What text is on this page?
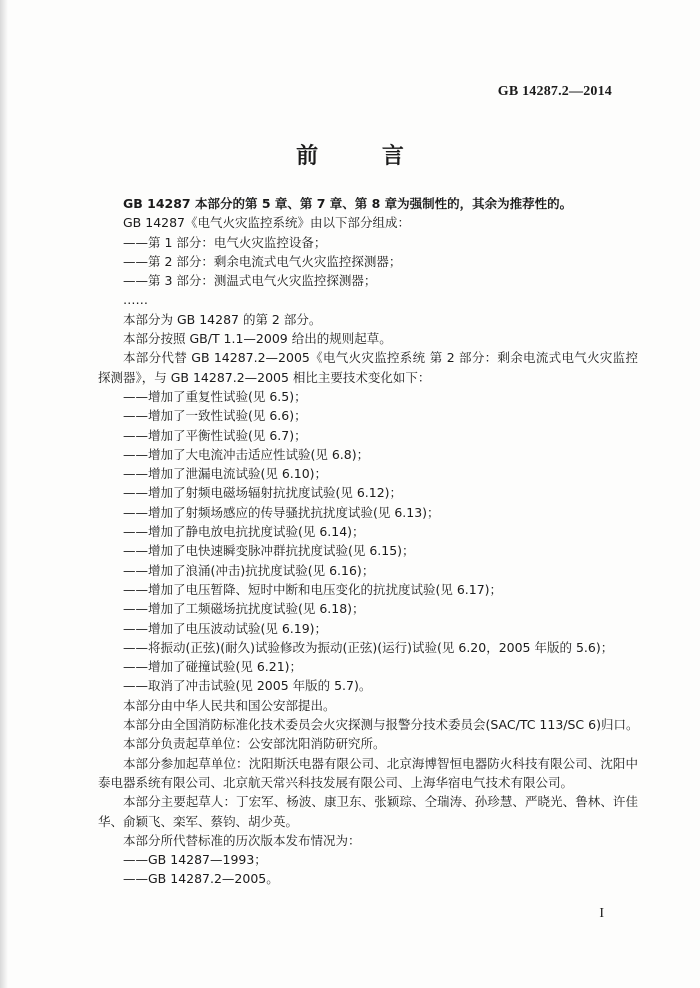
GB 14287.2—2014
前 言

GB 14287 本部分的第 5 章、第 7 章、第 8 章为强制性的，其余为推荐性的。

GB 14287《电气火灾监控系统》由以下部分组成：

——第 1 部分：电气火灾监控设备；

——第 2 部分：剩余电流式电气火灾监控探测器；

——第 3 部分：测温式电气火灾监控探测器；

……

本部分为 GB 14287 的第 2 部分。

本部分按照 GB/T 1.1—2009 给出的规则起草。

本部分代替 GB 14287.2—2005《电气火灾监控系统 第 2 部分：剩余电流式电气火灾监控探测器》，与 GB 14287.2—2005 相比主要技术变化如下：

——增加了重复性试验(见 6.5)；

——增加了一致性试验(见 6.6)；

——增加了平衡性试验(见 6.7)；

——增加了大电流冲击适应性试验(见 6.8)；

——增加了泄漏电流试验(见 6.10)；

——增加了射频电磁场辐射抗扰度试验(见 6.12)；

——增加了射频场感应的传导骚扰抗扰度试验(见 6.13)；

——增加了静电放电抗扰度试验(见 6.14)；

——增加了电快速瞬变脉冲群抗扰度试验(见 6.15)；

——增加了浪涌(冲击)抗扰度试验(见 6.16)；

——增加了电压暂降、短时中断和电压变化的抗扰度试验(见 6.17)；

——增加了工频磁场抗扰度试验(见 6.18)；

——增加了电压波动试验(见 6.19)；

——将振动(正弦)(耐久)试验修改为振动(正弦)(运行)试验(见 6.20，2005 年版的 5.6)；

——增加了碰撞试验(见 6.21)；

——取消了冲击试验(见 2005 年版的 5.7)。

本部分由中华人民共和国公安部提出。

本部分由全国消防标准化技术委员会火灾探测与报警分技术委员会(SAC/TC 113/SC 6)归口。

本部分负责起草单位：公安部沈阳消防研究所。

本部分参加起草单位：沈阳斯沃电器有限公司、北京海博智恒电器防火科技有限公司、沈阳中泰电器系统有限公司、北京航天常兴科技发展有限公司、上海华宿电气技术有限公司。

本部分主要起草人：丁宏军、杨波、康卫东、张颖琮、仝瑞涛、孙珍慧、严晓光、鲁林、许佳华、俞颖飞、栾军、蔡钧、胡少英。

本部分所代替标准的历次版本发布情况为：

——GB 14287—1993；

——GB 14287.2—2005。

I
